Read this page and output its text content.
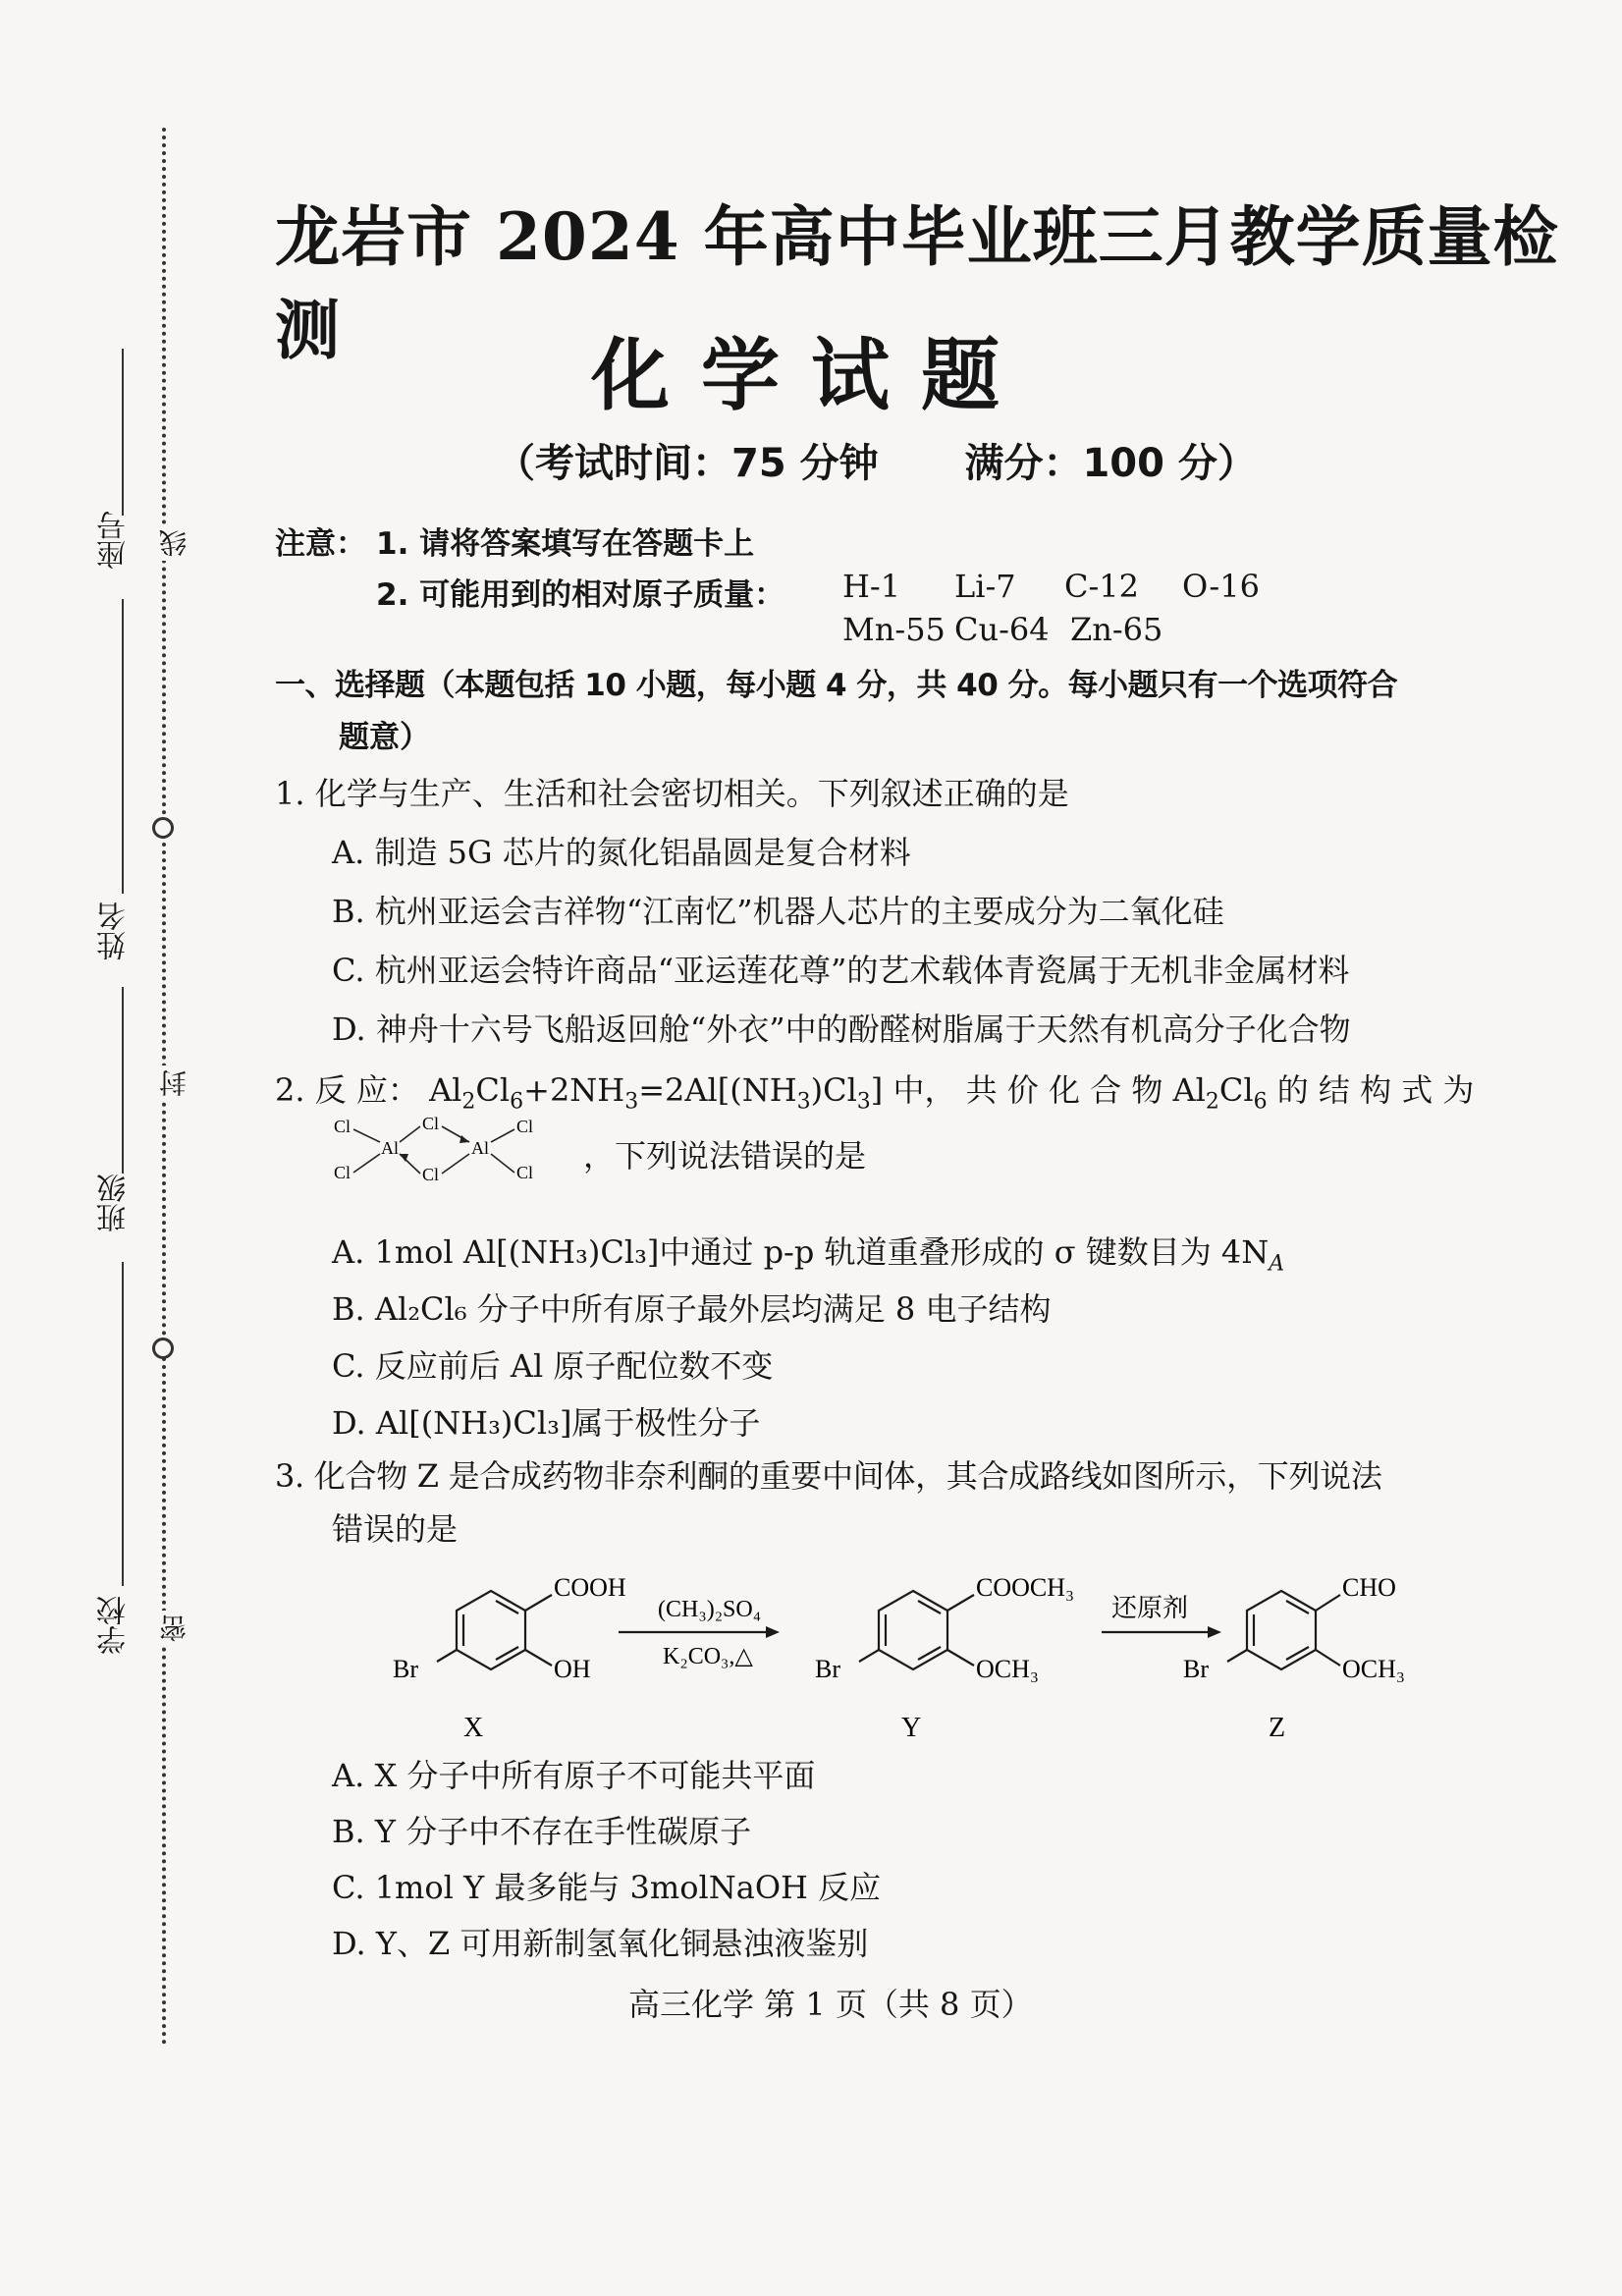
座号
姓名
班级
学校
线
封
密
龙岩市 2024 年高中毕业班三月教学质量检测	化学试题
（考试时间：75 分钟 满分：100 分）
注意： 1. 请将答案填写在答题卡上
2. 可能用到的相对原子质量： H-1 Li-7 C-12 O-16
Mn-55 Cu-64 Zn-65
一、选择题（本题包括 10 小题，每小题 4 分，共 40 分。每小题只有一个选项符合
题意）
1. 化学与生产、生活和社会密切相关。下列叙述正确的是
A. 制造 5G 芯片的氮化铝晶圆是复合材料
B. 杭州亚运会吉祥物“江南忆”机器人芯片的主要成分为二氧化硅
C. 杭州亚运会特许商品“亚运莲花尊”的艺术载体青瓷属于无机非金属材料
D. 神舟十六号飞船返回舱“外衣”中的酚醛树脂属于天然有机高分子化合物
2. 反 应： $Al_2Cl_6+2NH_3=2Al[(NH_3)Cl_3]$ 中， 共 价 化 合 物 $Al_2Cl_6$ 的 结 构 式 为
Cl	Cl	Cl
Al	Al
Cl	Cl	Cl ，下列说法错误的是
A. 1mol Al[(NH₃)Cl₃]中通过 p-p 轨道重叠形成的 σ 键数目为 $4N_A$
B. Al₂Cl₆ 分子中所有原子最外层均满足 8 电子结构
C. 反应前后 Al 原子配位数不变
D. Al[(NH₃)Cl₃]属于极性分子
3. 化合物 Z 是合成药物非奈利酮的重要中间体，其合成路线如图所示，下列说法
错误的是
COOH
OH
Br
X
(CH₃)₂SO₄
K₂CO₃,△
COOCH₃
OCH₃
Br
Y
还原剂
CHO
OCH₃
Br
Z
A. X 分子中所有原子不可能共平面
B. Y 分子中不存在手性碳原子
C. 1mol Y 最多能与 3molNaOH 反应
D. Y、Z 可用新制氢氧化铜悬浊液鉴别
高三化学 第 1 页（共 8 页）
